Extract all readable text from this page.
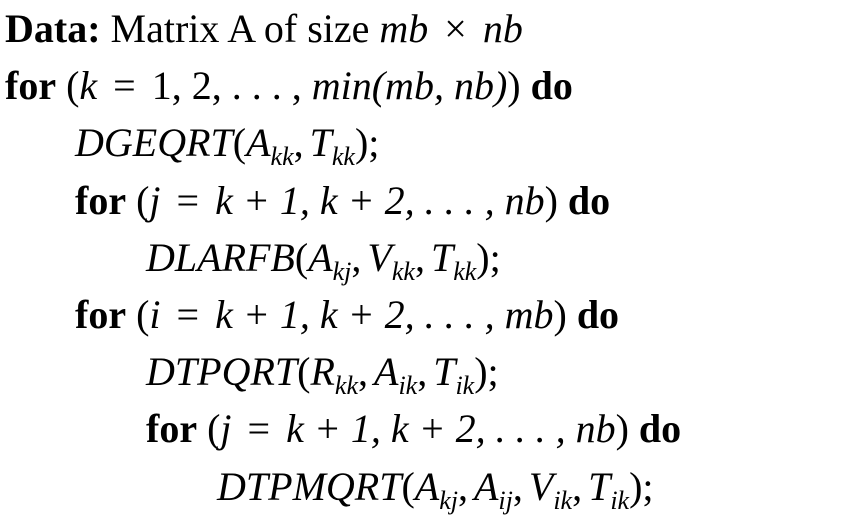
Data: Matrix A of size mb × nb
for (k = 1, 2, . . . , min(mb, nb)) do
$DGEQRT(A_{kk}$, $T_{kk}$);
for (j = k + 1, k + 2, . . . , nb) do
$DLARFB(A_{kj}$, $V_{kk}$, $T_{kk}$);
for (i = k + 1, k + 2, . . . , mb) do
$DTPQRT(R_{kk}$, $A_{ik}$, $T_{ik}$);
for (j = k + 1, k + 2, . . . , nb) do
$DTPMQRT(A_{kj}$, $A_{ij}$, $V_{ik}$, $T_{ik}$);
